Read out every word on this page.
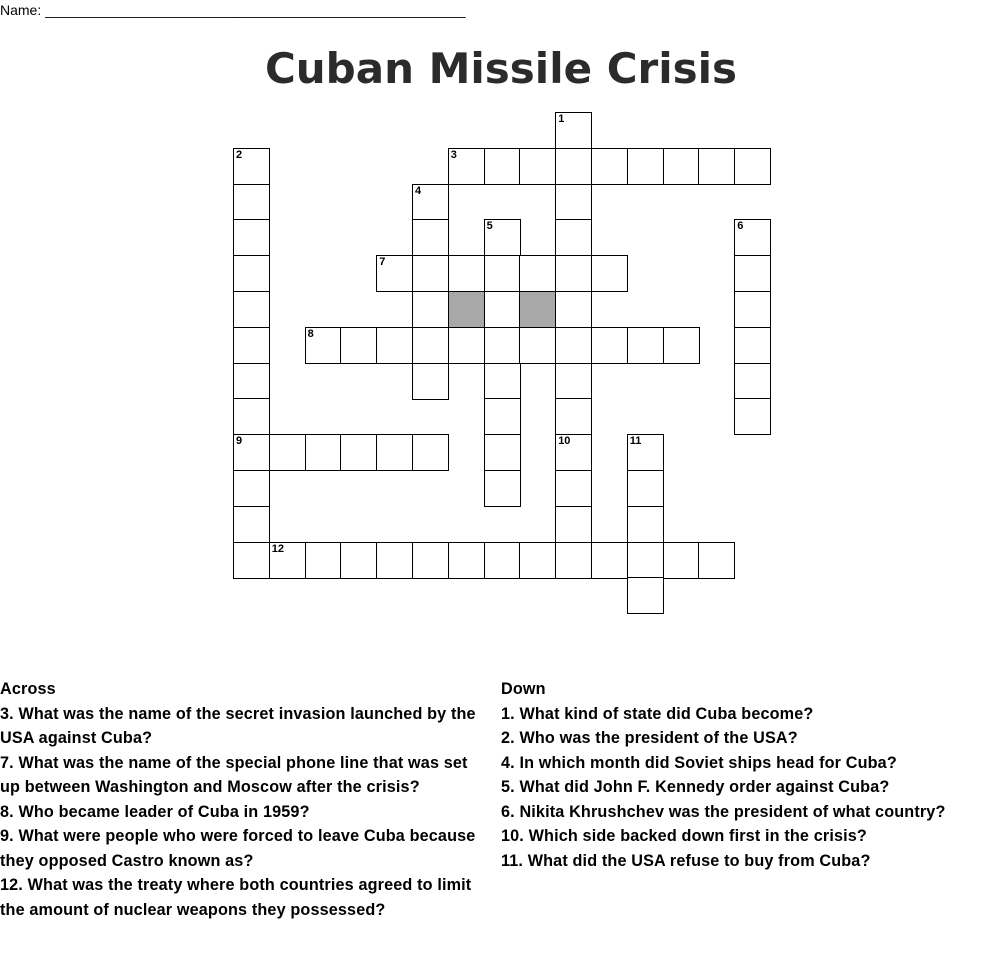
Name: ______________________________________________________
Cuban Missile Crisis
3
7
8
9
12
1
2
4
5	6
10	11
Across
3. What was the name of the secret invasion launched by the USA against Cuba?
7. What was the name of the special phone line that was set up between Washington and Moscow after the crisis?
8. Who became leader of Cuba in 1959?
9. What were people who were forced to leave Cuba because they opposed Castro known as?
12. What was the treaty where both countries agreed to limit the amount of nuclear weapons they possessed?
Down
1. What kind of state did Cuba become?
2. Who was the president of the USA?
4. In which month did Soviet ships head for Cuba?
5. What did John F. Kennedy order against Cuba?
6. Nikita Khrushchev was the president of what country?
10. Which side backed down first in the crisis?
11. What did the USA refuse to buy from Cuba?
